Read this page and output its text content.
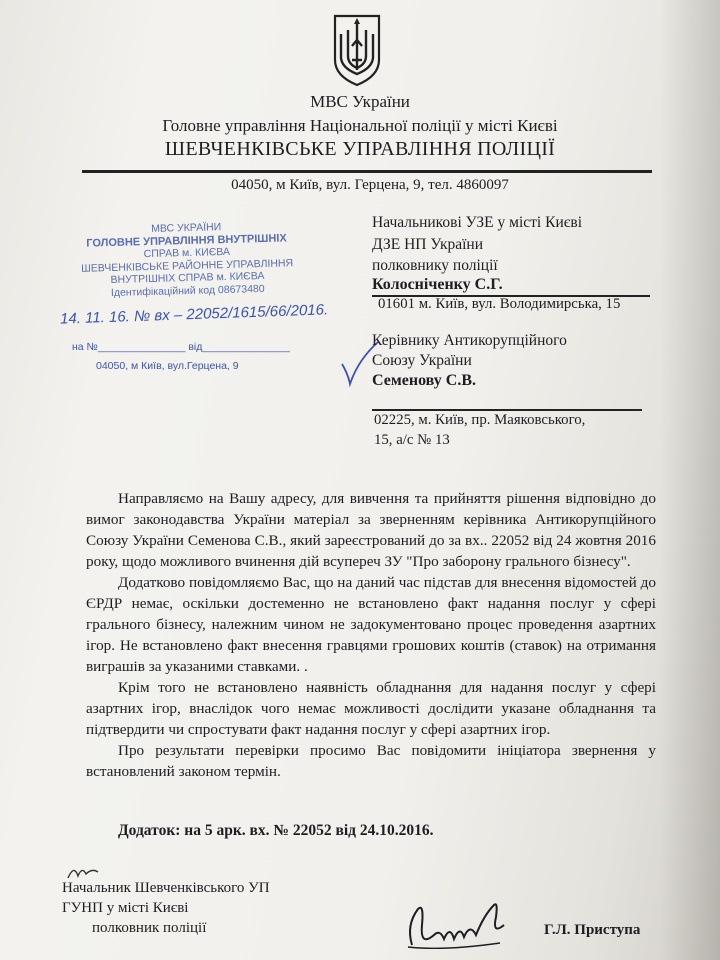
МВС України
Головне управління Національної поліції у місті Києві
ШЕВЧЕНКІВСЬКЕ УПРАВЛІННЯ ПОЛІЦІЇ
04050, м Київ, вул. Герцена, 9, тел. 4860097
МВС УКРАЇНИ
ГОЛОВНЕ УПРАВЛІННЯ ВНУТРІШНІХ
СПРАВ м. КИЄВА
ШЕВЧЕНКІВСЬКЕ РАЙОННЕ УПРАВЛІННЯ
ВНУТРІШНІХ СПРАВ м. КИЄВА
Ідентифікаційний код 08673480
14. 11. 16. № вх – 22052/1615/66/2016.
на №_______________ від_______________
04050, м Київ, вул.Герцена, 9
Начальникові УЗЕ у місті Києві
ДЗЕ НП України
полковнику поліції
Колосніченку С.Г.
01601 м. Київ, вул. Володимирська, 15
Керівнику Антикорупційного
Союзу України
Семенову С.В.
02225, м. Київ, пр. Маяковського,
15, а/с № 13

Направляємо на Вашу адресу, для вивчення та прийняття рішення відповідно до вимог законодавства України матеріал за зверненням керівника Антикорупційного Союзу України Семенова С.В., який зареєстрований до за вх.. 22052 від 24 жовтня 2016 року, щодо можливого вчинення дій всупереч ЗУ "Про заборону грального бізнесу".

Додатково повідомляємо Вас, що на даний час підстав для внесення відомостей до ЄРДР немає, оскільки достеменно не встановлено факт надання послуг у сфері грального бізнесу, належним чином не задокументовано процес проведення азартних ігор. Не встановлено факт внесення гравцями грошових коштів (ставок) на отримання виграшів за указаними ставками. .

Крім того не встановлено наявність обладнання для надання послуг у сфері азартних ігор, внаслідок чого немає можливості дослідити указане обладнання та підтвердити чи спростувати факт надання послуг у сфері азартних ігор.

Про результати перевірки просимо Вас повідомити ініціатора звернення у встановлений законом термін.

Додаток: на 5 арк. вх. № 22052 від 24.10.2016.
Начальник Шевченківського УП
ГУНП у місті Києві
полковник поліції	Г.Л. Приступа
